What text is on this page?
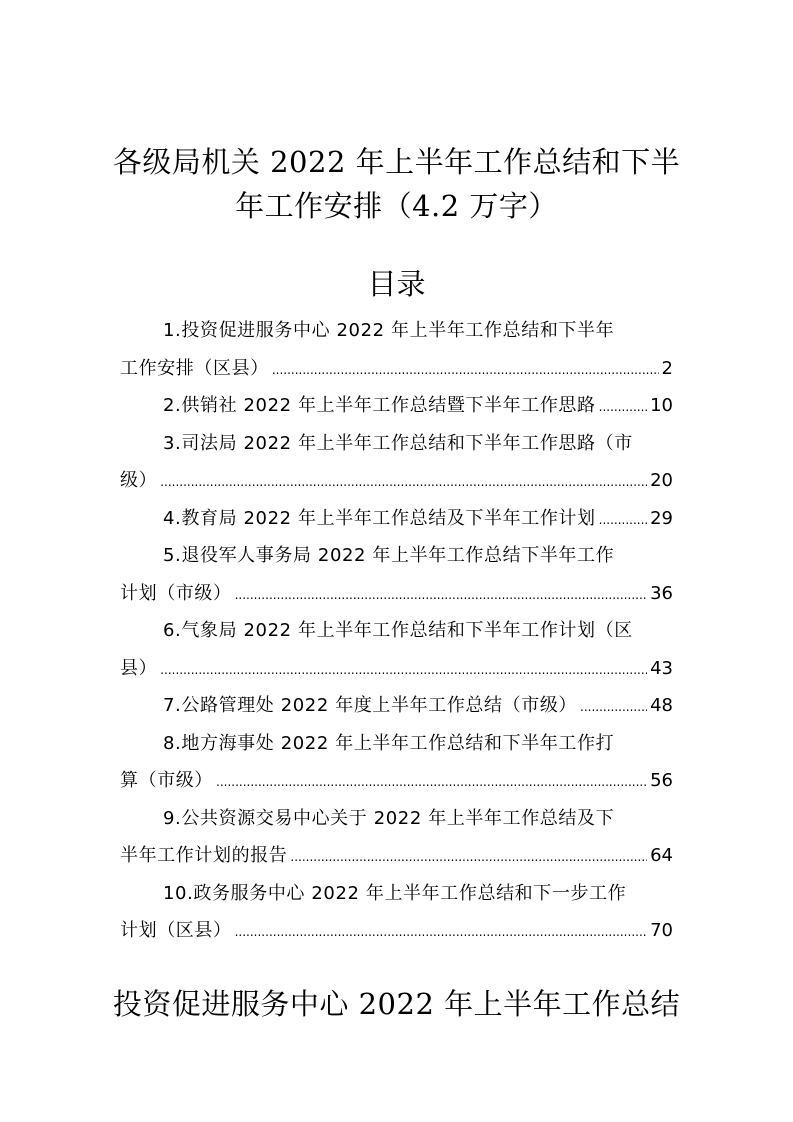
各级局机关 2022 年上半年工作总结和下半
年工作安排（4.2 万字）
目录
1.投资促进服务中心 2022 年上半年工作总结和下半年
工作安排（区县） .....	2
2.供销社 2022 年上半年工作总结暨下半年工作思路 .....	10
3.司法局 2022 年上半年工作总结和下半年工作思路（市
级） .....	20
4.教育局 2022 年上半年工作总结及下半年工作计划 .....	29
5.退役军人事务局 2022 年上半年工作总结下半年工作
计划（市级） .....	36
6.气象局 2022 年上半年工作总结和下半年工作计划（区
县） .....	43
7.公路管理处 2022 年度上半年工作总结（市级） .....	48
8.地方海事处 2022 年上半年工作总结和下半年工作打
算（市级） .....	56
9.公共资源交易中心关于 2022 年上半年工作总结及下
半年工作计划的报告 .....	64
10.政务服务中心 2022 年上半年工作总结和下一步工作
计划（区县） .....	70
投资促进服务中心 2022 年上半年工作总结
